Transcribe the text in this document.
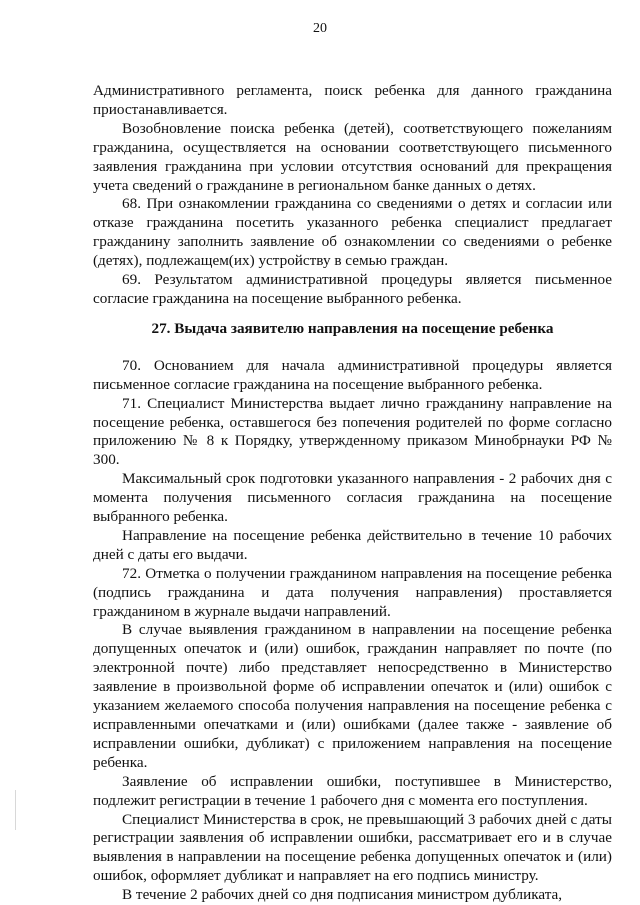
20

Административного регламента, поиск ребенка для данного гражданина приостанавливается.

Возобновление поиска ребенка (детей), соответствующего пожеланиям гражданина, осуществляется на основании соответствующего письменного заявления гражданина при условии отсутствия оснований для прекращения учета сведений о гражданине в региональном банке данных о детях.

68. При ознакомлении гражданина со сведениями о детях и согласии или отказе гражданина посетить указанного ребенка специалист предлагает гражданину заполнить заявление об ознакомлении со сведениями о ребенке (детях), подлежащем(их) устройству в семью граждан.

69. Результатом административной процедуры является письменное согласие гражданина на посещение выбранного ребенка.

27. Выдача заявителю направления на посещение ребенка

70. Основанием для начала административной процедуры является письменное согласие гражданина на посещение выбранного ребенка.

71. Специалист Министерства выдает лично гражданину направление на посещение ребенка, оставшегося без попечения родителей по форме согласно приложению № 8 к Порядку, утвержденному приказом Минобрнауки РФ № 300.

Максимальный срок подготовки указанного направления - 2 рабочих дня с момента получения письменного согласия гражданина на посещение выбранного ребенка.

Направление на посещение ребенка действительно в течение 10 рабочих дней с даты его выдачи.

72. Отметка о получении гражданином направления на посещение ребенка (подпись гражданина и дата получения направления) проставляется гражданином в журнале выдачи направлений.

В случае выявления гражданином в направлении на посещение ребенка допущенных опечаток и (или) ошибок, гражданин направляет по почте (по электронной почте) либо представляет непосредственно в Министерство заявление в произвольной форме об исправлении опечаток и (или) ошибок с указанием желаемого способа получения направления на посещение ребенка с исправленными опечатками и (или) ошибками (далее также - заявление об исправлении ошибки, дубликат) с приложением направления на посещение ребенка.

Заявление об исправлении ошибки, поступившее в Министерство, подлежит регистрации в течение 1 рабочего дня с момента его поступления.

Специалист Министерства в срок, не превышающий 3 рабочих дней с даты регистрации заявления об исправлении ошибки, рассматривает его и в случае выявления в направлении на посещение ребенка допущенных опечаток и (или) ошибок, оформляет дубликат и направляет на его подпись министру.

В течение 2 рабочих дней со дня подписания министром дубликата,
